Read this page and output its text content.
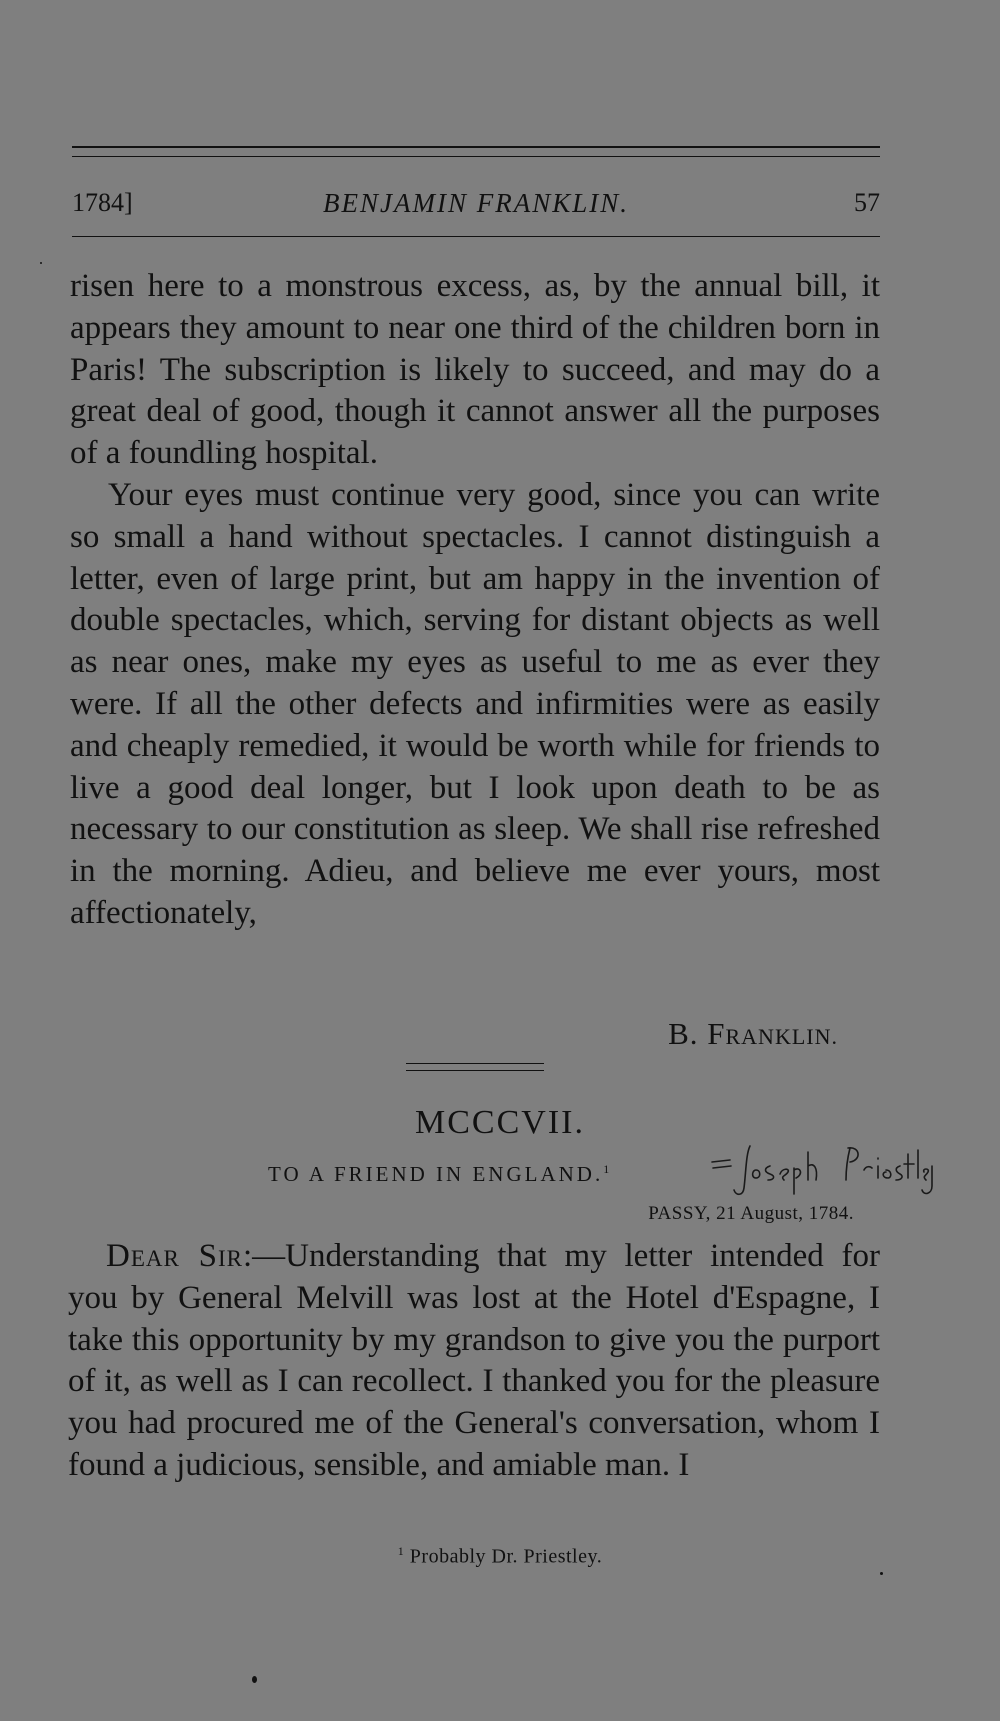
1784]	BENJAMIN FRANKLIN.	57

risen here to a monstrous excess, as, by the annual bill, it appears they amount to near one third of the children born in Paris! The subscription is likely to succeed, and may do a great deal of good, though it cannot answer all the purposes of a foundling hospital.

Your eyes must continue very good, since you can write so small a hand without spectacles. I cannot distinguish a letter, even of large print, but am happy in the invention of double spectacles, which, serving for distant objects as well as near ones, make my eyes as useful to me as ever they were. If all the other defects and infirmities were as easily and cheaply remedied, it would be worth while for friends to live a good deal longer, but I look upon death to be as necessary to our constitution as sleep. We shall rise refreshed in the morning. Adieu, and believe me ever yours, most affectionately,

B. FRANKLIN.
MCCCVII.
TO A FRIEND IN ENGLAND.$^1$
PASSY, 21 August, 1784.

Dear Sir:—Understanding that my letter intended for you by General Melvill was lost at the Hotel d'Espagne, I take this opportunity by my grandson to give you the purport of it, as well as I can recollect. I thanked you for the pleasure you had procured me of the General's conversation, whom I found a judicious, sensible, and amiable man. I

$^1$ Probably Dr. Priestley.
